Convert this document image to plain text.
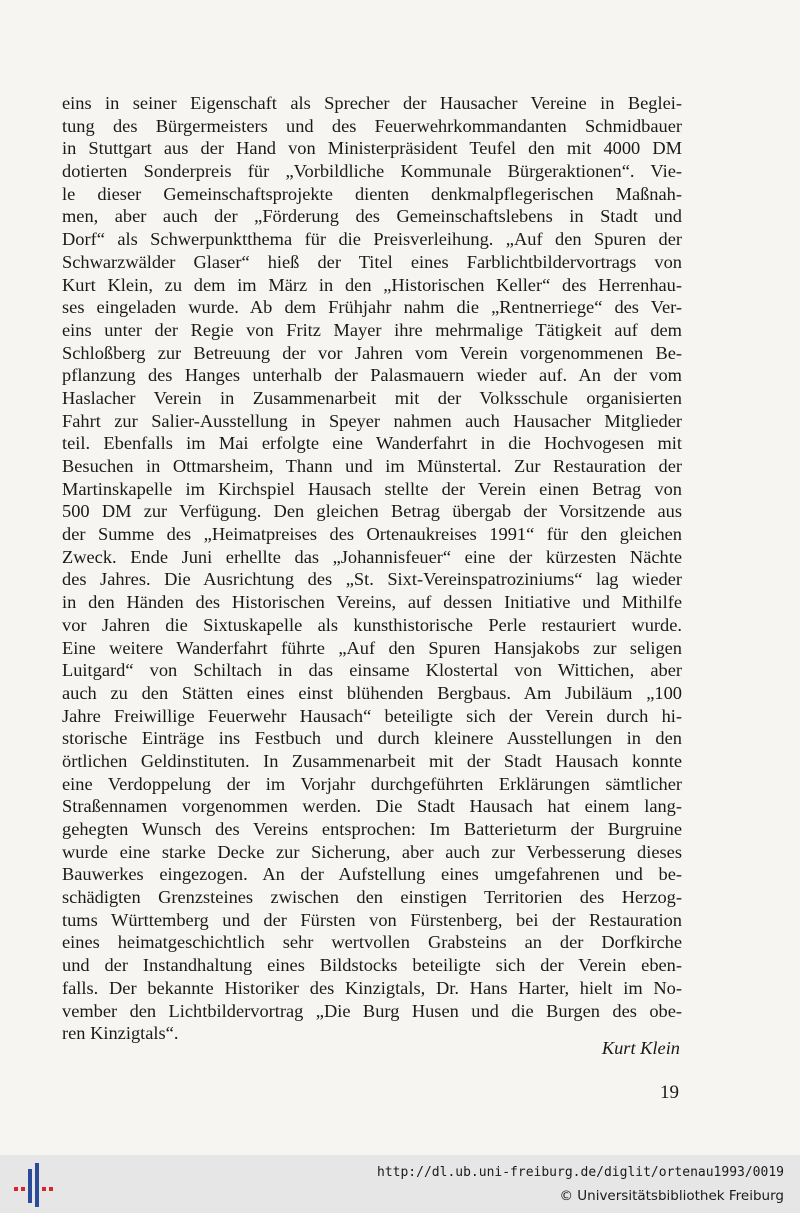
eins in seiner Eigenschaft als Sprecher der Hausacher Vereine in Beglei-
tung des Bürgermeisters und des Feuerwehrkommandanten Schmidbauer
in Stuttgart aus der Hand von Ministerpräsident Teufel den mit 4000 DM
dotierten Sonderpreis für „Vorbildliche Kommunale Bürgeraktionen“. Vie-
le dieser Gemeinschaftsprojekte dienten denkmalpflegerischen Maßnah-
men, aber auch der „Förderung des Gemeinschaftslebens in Stadt und
Dorf“ als Schwerpunktthema für die Preisverleihung. „Auf den Spuren der
Schwarzwälder Glaser“ hieß der Titel eines Farblichtbildervortrags von
Kurt Klein, zu dem im März in den „Historischen Keller“ des Herrenhau-
ses eingeladen wurde. Ab dem Frühjahr nahm die „Rentnerriege“ des Ver-
eins unter der Regie von Fritz Mayer ihre mehrmalige Tätigkeit auf dem
Schloßberg zur Betreuung der vor Jahren vom Verein vorgenommenen Be-
pflanzung des Hanges unterhalb der Palasmauern wieder auf. An der vom
Haslacher Verein in Zusammenarbeit mit der Volksschule organisierten
Fahrt zur Salier-Ausstellung in Speyer nahmen auch Hausacher Mitglieder
teil. Ebenfalls im Mai erfolgte eine Wanderfahrt in die Hochvogesen mit
Besuchen in Ottmarsheim, Thann und im Münstertal. Zur Restauration der
Martinskapelle im Kirchspiel Hausach stellte der Verein einen Betrag von
500 DM zur Verfügung. Den gleichen Betrag übergab der Vorsitzende aus
der Summe des „Heimatpreises des Ortenaukreises 1991“ für den gleichen
Zweck. Ende Juni erhellte das „Johannisfeuer“ eine der kürzesten Nächte
des Jahres. Die Ausrichtung des „St. Sixt-Vereinspatroziniums“ lag wieder
in den Händen des Historischen Vereins, auf dessen Initiative und Mithilfe
vor Jahren die Sixtuskapelle als kunsthistorische Perle restauriert wurde.
Eine weitere Wanderfahrt führte „Auf den Spuren Hansjakobs zur seligen
Luitgard“ von Schiltach in das einsame Klostertal von Wittichen, aber
auch zu den Stätten eines einst blühenden Bergbaus. Am Jubiläum „100
Jahre Freiwillige Feuerwehr Hausach“ beteiligte sich der Verein durch hi-
storische Einträge ins Festbuch und durch kleinere Ausstellungen in den
örtlichen Geldinstituten. In Zusammenarbeit mit der Stadt Hausach konnte
eine Verdoppelung der im Vorjahr durchgeführten Erklärungen sämtlicher
Straßennamen vorgenommen werden. Die Stadt Hausach hat einem lang-
gehegten Wunsch des Vereins entsprochen: Im Batterieturm der Burgruine
wurde eine starke Decke zur Sicherung, aber auch zur Verbesserung dieses
Bauwerkes eingezogen. An der Aufstellung eines umgefahrenen und be-
schädigten Grenzsteines zwischen den einstigen Territorien des Herzog-
tums Württemberg und der Fürsten von Fürstenberg, bei der Restauration
eines heimatgeschichtlich sehr wertvollen Grabsteins an der Dorfkirche
und der Instandhaltung eines Bildstocks beteiligte sich der Verein eben-
falls. Der bekannte Historiker des Kinzigtals, Dr. Hans Harter, hielt im No-
vember den Lichtbildervortrag „Die Burg Husen und die Burgen des obe-
ren Kinzigtals“.
Kurt Klein
19
http://dl.ub.uni-freiburg.de/diglit/ortenau1993/0019
© Universitätsbibliothek Freiburg
